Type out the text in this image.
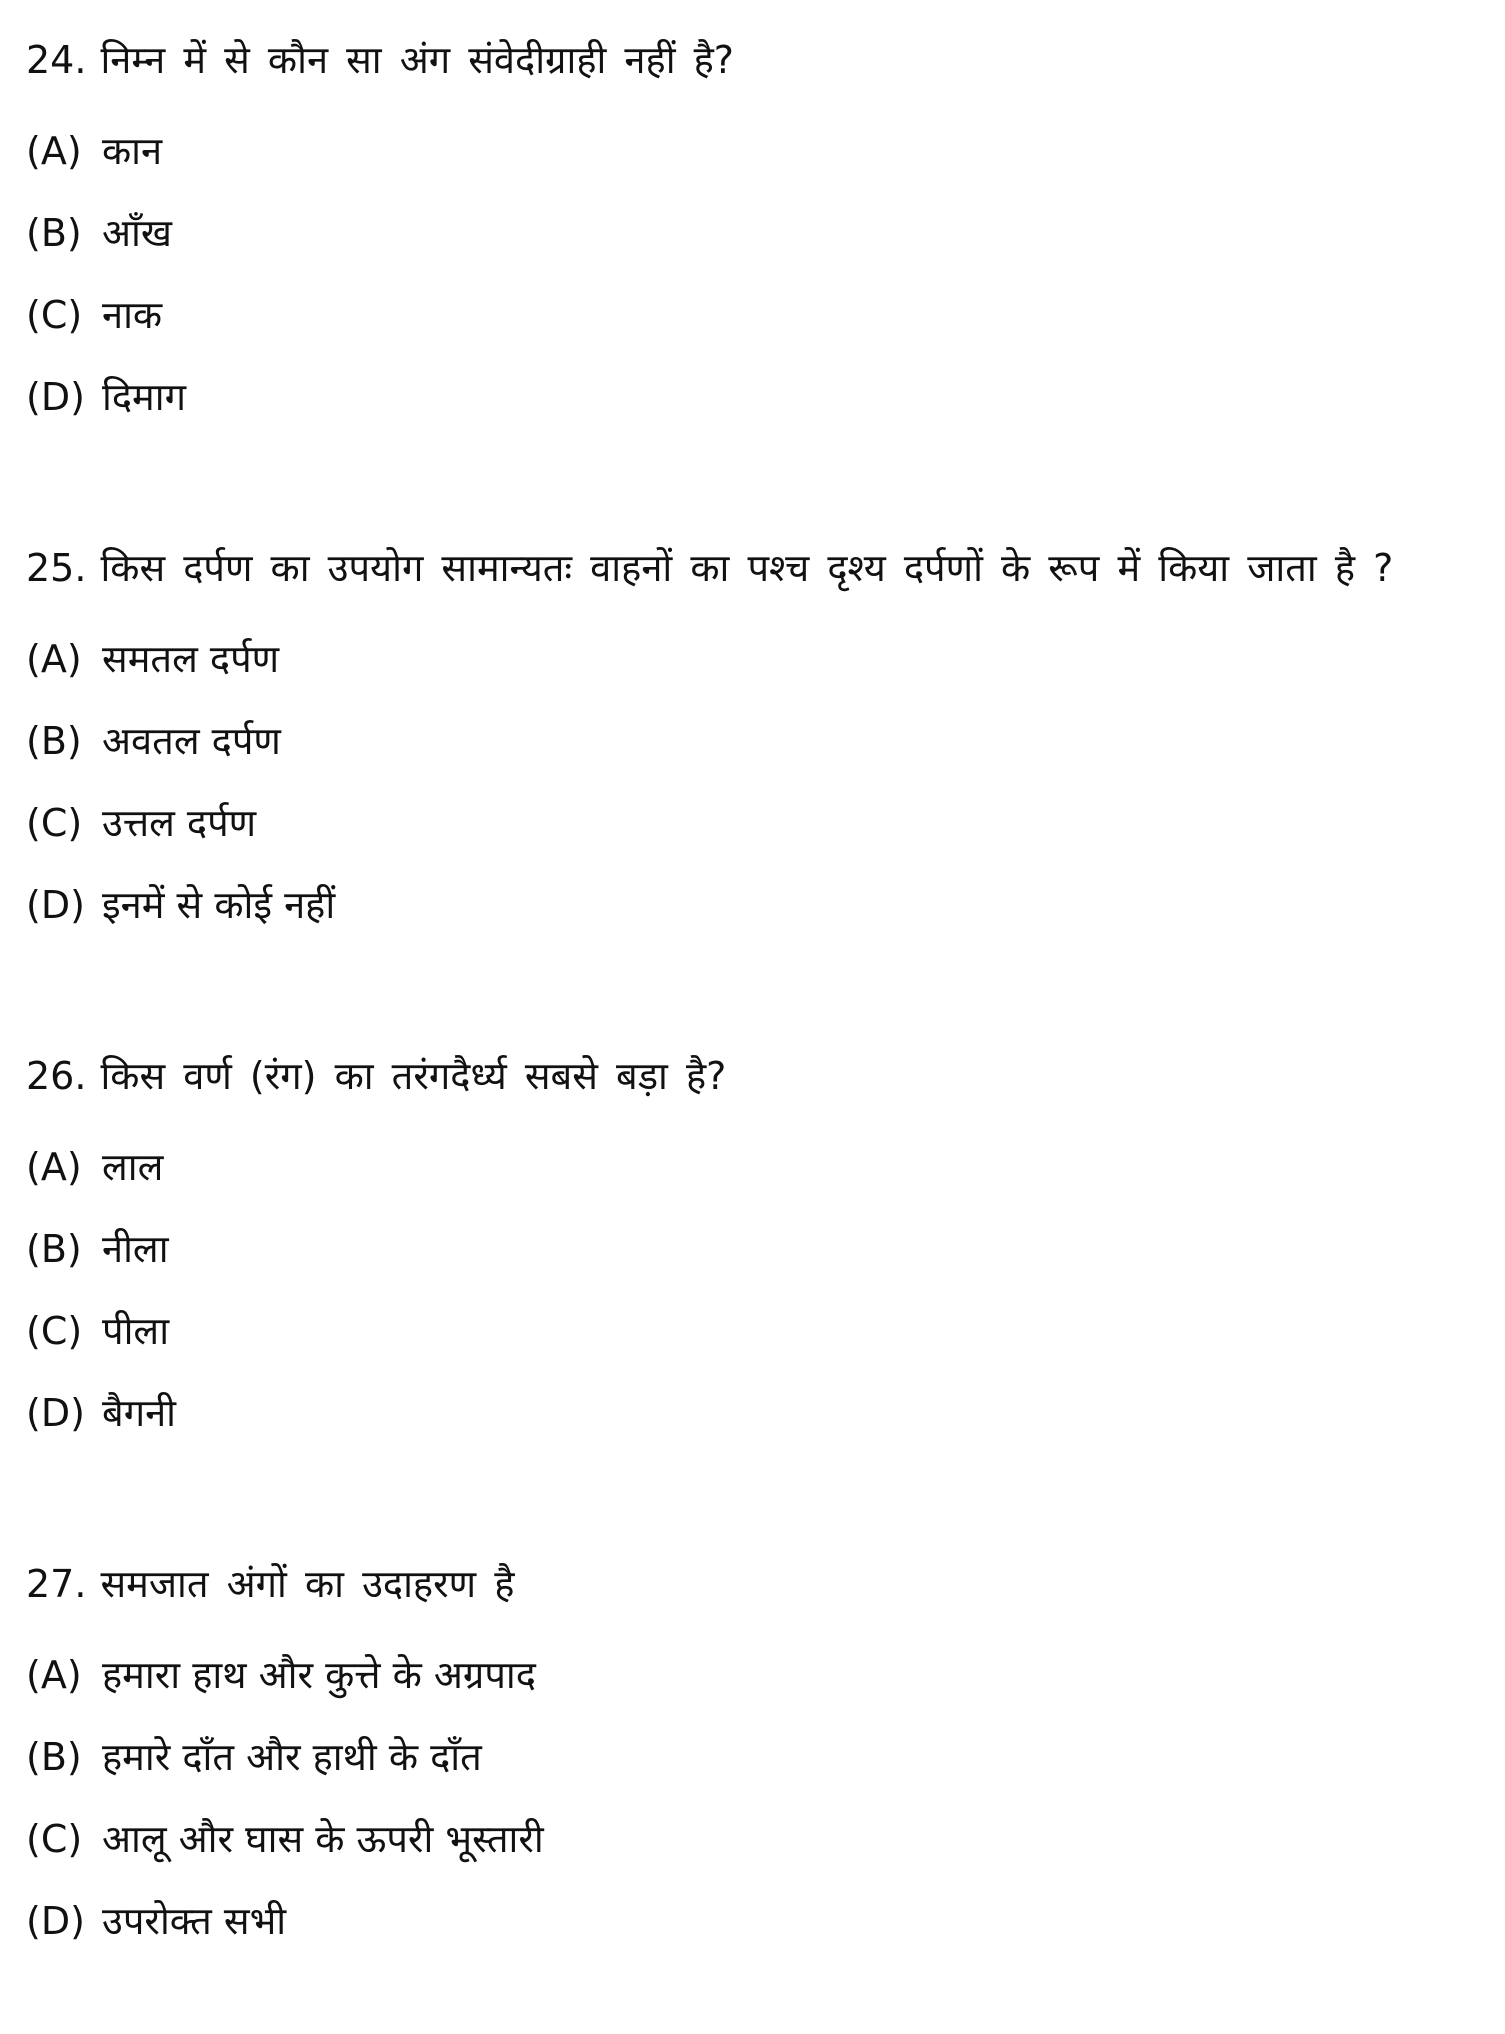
24. निम्न में से कौन सा अंग संवेदीग्राही नहीं है?

(A) कान
(B) आँख
(C) नाक
(D) दिमाग

25. किस दर्पण का उपयोग सामान्यतः वाहनों का पश्च दृश्य दर्पणों के रूप में किया जाता है ?

(A) समतल दर्पण
(B) अवतल दर्पण
(C) उत्तल दर्पण
(D) इनमें से कोई नहीं

26. किस वर्ण (रंग) का तरंगदैर्ध्य सबसे बड़ा है?

(A) लाल
(B) नीला
(C) पीला
(D) बैगनी

27. समजात अंगों का उदाहरण है

(A) हमारा हाथ और कुत्ते के अग्रपाद
(B) हमारे दाँत और हाथी के दाँत
(C) आलू और घास के ऊपरी भूस्तारी
(D) उपरोक्त सभी
